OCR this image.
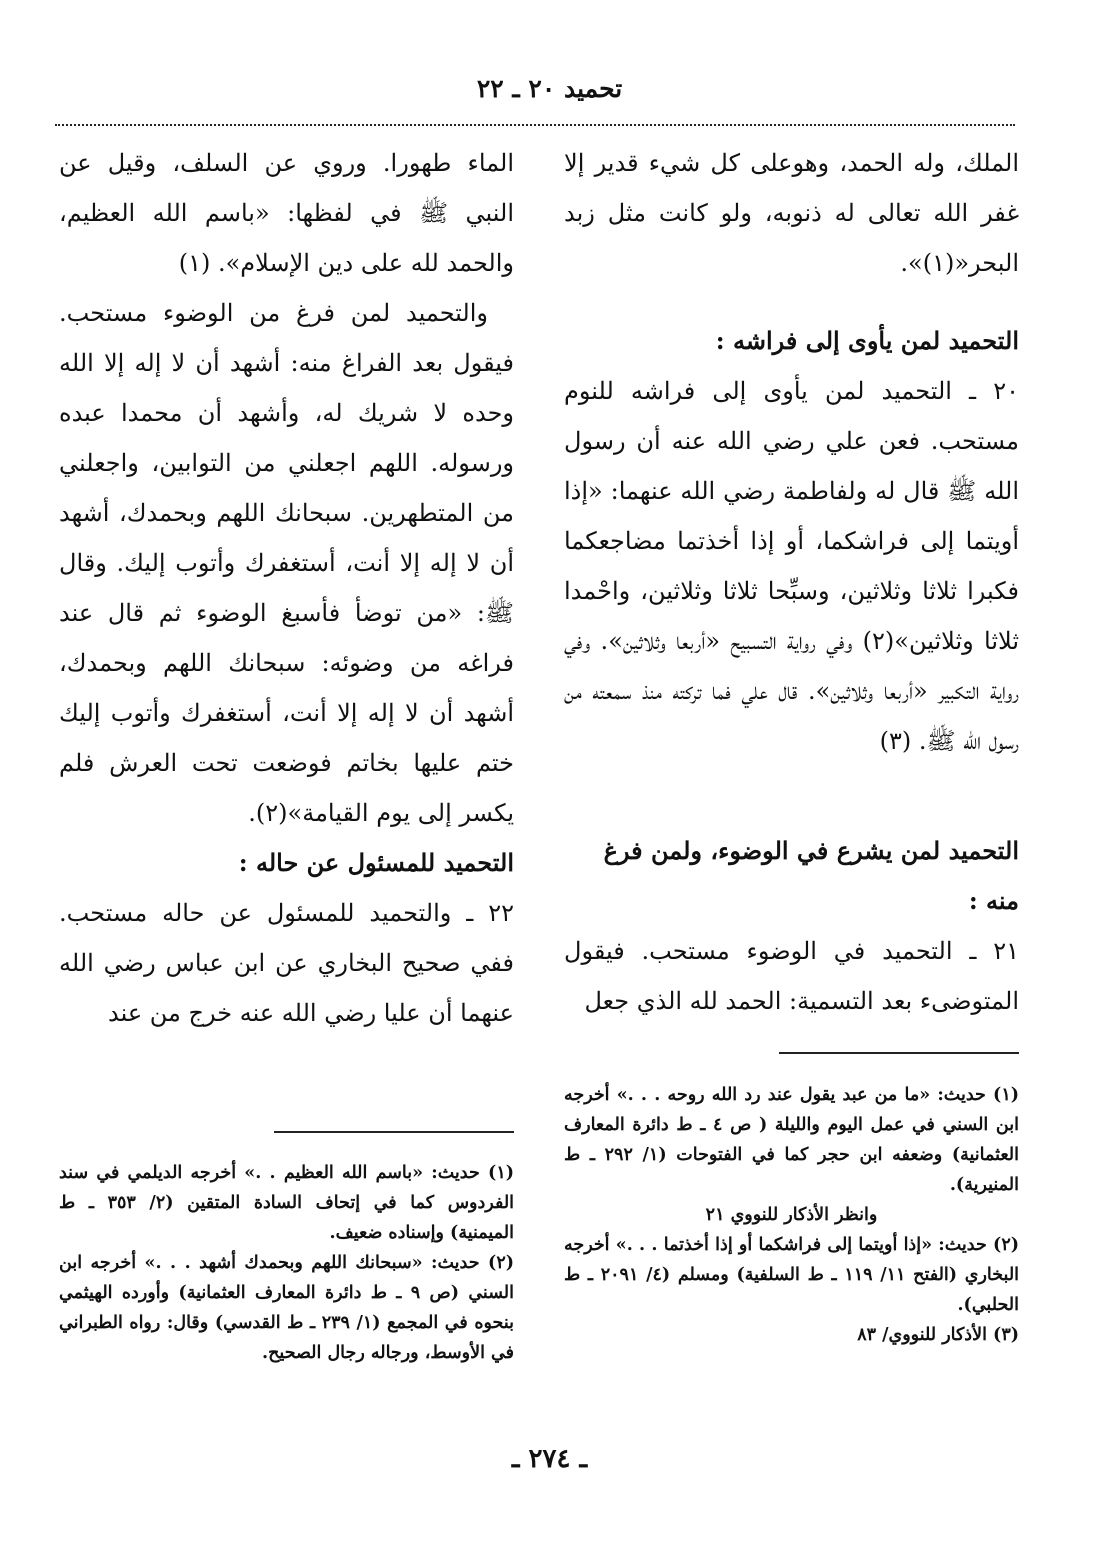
تحميد ٢٠ ـ ٢٢

الملك، وله الحمد، وهوعلى كل شيء قدير إلا غفر الله تعالى له ذنوبه، ولو كانت مثل زبد البحر«(١)».

التحميد لمن يأوى إلى فراشه :

٢٠ ـ التحميد لمن يأوى إلى فراشه للنوم مستحب. فعن علي رضي الله عنه أن رسول الله ﷺ قال له ولفاطمة رضي الله عنهما: «إذا أويتما إلى فراشكما، أو إذا أخذتما مضاجعكما فكبرا ثلاثا وثلاثين، وسبِّحا ثلاثا وثلاثين، واحْمدا ثلاثا وثلاثين»(٢) وفي رواية التسبيح «أربعا وثلاثين». وفي رواية التكبير «أربعا وثلاثين». قال علي فما تركته منذ سمعته من رسول الله ﷺ. (٣)

التحميد لمن يشرع في الوضوء، ولمن فرغ منه :

٢١ ـ التحميد في الوضوء مستحب. فيقول المتوضىء بعد التسمية: الحمد لله الذي جعل

الماء طهورا. وروي عن السلف، وقيل عن النبي ﷺ في لفظها: «باسم الله العظيم، والحمد لله على دين الإسلام». (١)

والتحميد لمن فرغ من الوضوء مستحب. فيقول بعد الفراغ منه: أشهد أن لا إله إلا الله وحده لا شريك له، وأشهد أن محمدا عبده ورسوله. اللهم اجعلني من التوابين، واجعلني من المتطهرين. سبحانك اللهم وبحمدك، أشهد أن لا إله إلا أنت، أستغفرك وأتوب إليك. وقال ﷺ: «من توضأ فأسبغ الوضوء ثم قال عند فراغه من وضوئه: سبحانك اللهم وبحمدك، أشهد أن لا إله إلا أنت، أستغفرك وأتوب إليك ختم عليها بخاتم فوضعت تحت العرش فلم يكسر إلى يوم القيامة»(٢).

التحميد للمسئول عن حاله :

٢٢ ـ والتحميد للمسئول عن حاله مستحب. ففي صحيح البخاري عن ابن عباس رضي الله عنهما أن عليا رضي الله عنه خرج من عند

(١) حديث: «ما من عبد يقول عند رد الله روحه . . .» أخرجه ابن السني في عمل اليوم والليلة ( ص ٤ ـ ط دائرة المعارف العثمانية) وضعفه ابن حجر كما في الفتوحات (١/ ٢٩٢ ـ ط المنيرية).

وانظر الأذكار للنووي ٢١

(٢) حديث: «إذا أويتما إلى فراشكما أو إذا أخذتما . . .» أخرجه البخاري (الفتح ١١/ ١١٩ ـ ط السلفية) ومسلم (٤/ ٢٠٩١ ـ ط الحلبي).

(٣) الأذكار للنووي/ ٨٣

(١) حديث: «باسم الله العظيم . .» أخرجه الديلمي في سند الفردوس كما في إتحاف السادة المتقين (٢/ ٣٥٣ ـ ط الميمنية) وإسناده ضعيف.

(٢) حديث: «سبحانك اللهم وبحمدك أشهد . . .» أخرجه ابن السني (ص ٩ ـ ط دائرة المعارف العثمانية) وأورده الهيثمي بنحوه في المجمع (١/ ٢٣٩ ـ ط القدسي) وقال: رواه الطبراني في الأوسط، ورجاله رجال الصحيح.

ـ ٢٧٤ ـ
